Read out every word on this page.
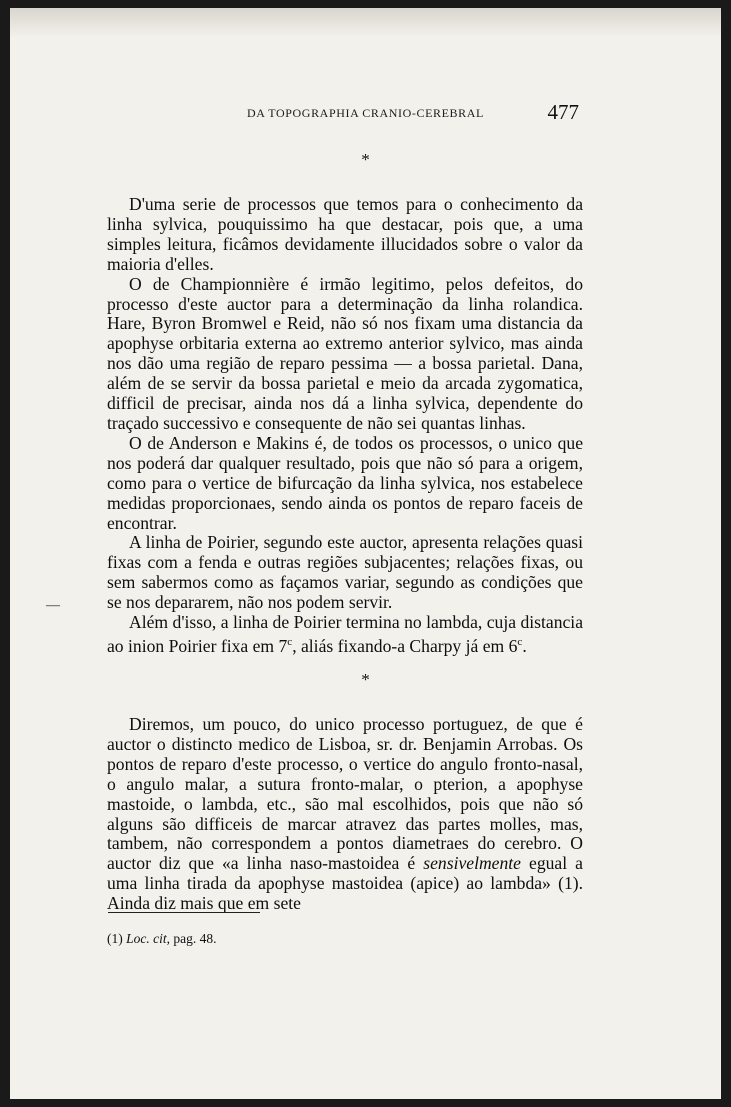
DA TOPOGRAPHIA CRANIO-CEREBRAL	477
*

D'uma serie de processos que temos para o conhecimento da linha sylvica, pouquissimo ha que destacar, pois que, a uma simples leitura, ficâmos devidamente illucidados sobre o valor da maioria d'elles.

O de Championnière é irmão legitimo, pelos defeitos, do processo d'este auctor para a determinação da linha rolandica. Hare, Byron Bromwel e Reid, não só nos fixam uma distancia da apophyse orbitaria externa ao extremo anterior sylvico, mas ainda nos dão uma região de reparo pessima — a bossa parietal. Dana, além de se servir da bossa parietal e meio da arcada zygomatica, difficil de precisar, ainda nos dá a linha sylvica, dependente do traçado successivo e consequente de não sei quantas linhas.

O de Anderson e Makins é, de todos os processos, o unico que nos poderá dar qualquer resultado, pois que não só para a origem, como para o vertice de bifurcação da linha sylvica, nos estabelece medidas proporcionaes, sendo ainda os pontos de reparo faceis de encontrar.

A linha de Poirier, segundo este auctor, apresenta relações quasi fixas com a fenda e outras regiões subjacentes; relações fixas, ou sem sabermos como as façamos variar, segundo as condições que se nos depararem, não nos podem servir.

Além d'isso, a linha de Poirier termina no lambda, cuja distancia ao inion Poirier fixa em 7$^c$, aliás fixando-a Charpy já em 6$^c$.

*

Diremos, um pouco, do unico processo portuguez, de que é auctor o distincto medico de Lisboa, sr. dr. Benjamin Arrobas. Os pontos de reparo d'este processo, o vertice do angulo fronto-nasal, o angulo malar, a sutura fronto-malar, o pterion, a apophyse mastoide, o lambda, etc., são mal escolhidos, pois que não só alguns são difficeis de marcar atravez das partes molles, mas, tambem, não correspondem a pontos diametraes do cerebro. O auctor diz que «a linha naso-mastoidea é sensivelmente egual a uma linha tirada da apophyse mastoidea (apice) ao lambda» (1). Ainda diz mais que em sete

(1) Loc. cit, pag. 48.
—
